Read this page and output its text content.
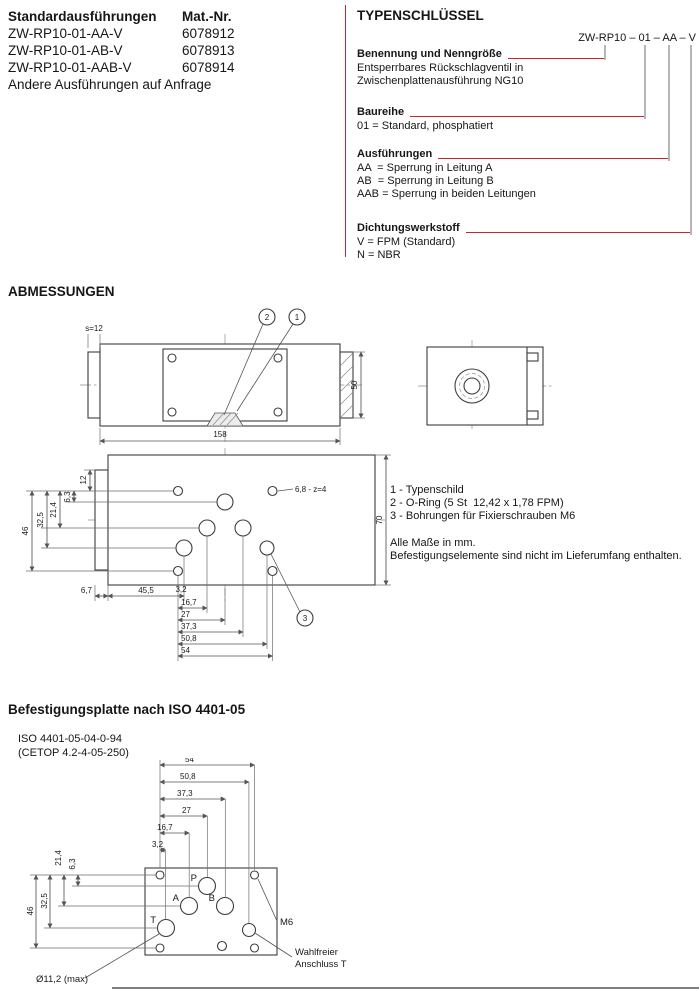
Standardausführungen	Mat.-Nr.
ZW-RP10-01-AA-V	6078912
ZW-RP10-01-AB-V	6078913
ZW-RP10-01-AAB-V	6078914
Andere Ausführungen auf Anfrage
TYPENSCHLÜSSEL
ZW-RP10 – 01 – AA – V
Benennung und Nenngröße
Entsperrbares Rückschlagventil in
Zwischenplattenausführung NG10
Baureihe
01 = Standard, phosphatiert
Ausführungen
AA  = Sperrung in Leitung A
AB  = Sperrung in Leitung B
AAB = Sperrung in beiden Leitungen
Dichtungswerkstoff
V = FPM (Standard)
N = NBR
ABMESSUNGEN
2	1
s=12
50
158
6,8 - z=4
3
12
6,3
21,4
32,5
46
6,7	45,5	3,2
16,7
27
37,3
50,8
54
70
1 - Typenschild
2 - O-Ring (5 St  12,42 x 1,78 FPM)
3 - Bohrungen für Fixierschrauben M6
Alle Maße in mm.
Befestigungselemente sind nicht im Lieferumfang enthalten.
Befestigungsplatte nach ISO 4401-05
ISO 4401-05-04-0-94
(CETOP 4.2-4-05-250)
P
A	B
T
54
50,8
37,3
27
16,7
3,2
6,3
21,4
32,5
46
M6
Wahlfreier
Anschluss T
Ø11,2 (max)
